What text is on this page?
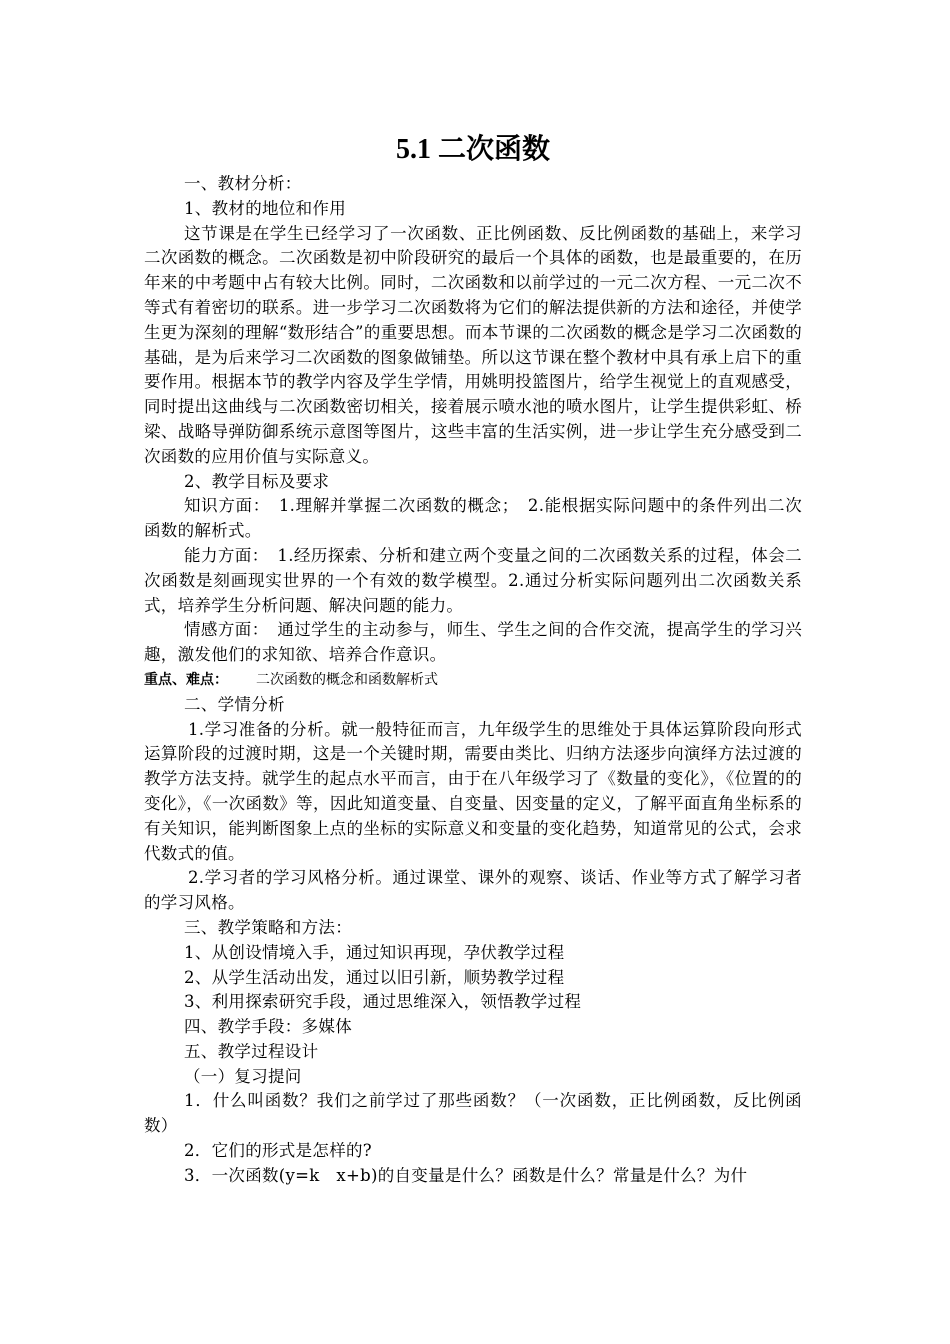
5.1 二次函数

一、教材分析：

1、教材的地位和作用

这节课是在学生已经学习了一次函数、正比例函数、反比例函数的基础上，来学习二次函数的概念。二次函数是初中阶段研究的最后一个具体的函数，也是最重要的，在历年来的中考题中占有较大比例。同时，二次函数和以前学过的一元二次方程、一元二次不等式有着密切的联系。进一步学习二次函数将为它们的解法提供新的方法和途径，并使学生更为深刻的理解“数形结合”的重要思想。而本节课的二次函数的概念是学习二次函数的基础，是为后来学习二次函数的图象做铺垫。所以这节课在整个教材中具有承上启下的重要作用。根据本节的教学内容及学生学情，用姚明投篮图片，给学生视觉上的直观感受，同时提出这曲线与二次函数密切相关，接着展示喷水池的喷水图片，让学生提供彩虹、桥梁、战略导弹防御系统示意图等图片，这些丰富的生活实例，进一步让学生充分感受到二次函数的应用价值与实际意义。

2、教学目标及要求

知识方面：　1.理解并掌握二次函数的概念；　2.能根据实际问题中的条件列出二次函数的解析式。

能力方面：　1.经历探索、分析和建立两个变量之间的二次函数关系的过程，体会二次函数是刻画现实世界的一个有效的数学模型。2.通过分析实际问题列出二次函数关系式，培养学生分析问题、解决问题的能力。

情感方面：　通过学生的主动参与，师生、学生之间的合作交流，提高学生的学习兴趣，激发他们的求知欲、培养合作意识。

重点、难点： 二次函数的概念和函数解析式

二、学情分析

1.学习准备的分析。就一般特征而言，九年级学生的思维处于具体运算阶段向形式运算阶段的过渡时期，这是一个关键时期，需要由类比、归纳方法逐步向演绎方法过渡的教学方法支持。就学生的起点水平而言，由于在八年级学习了《数量的变化》，《位置的的变化》，《一次函数》等，因此知道变量、自变量、因变量的定义，了解平面直角坐标系的有关知识，能判断图象上点的坐标的实际意义和变量的变化趋势，知道常见的公式，会求代数式的值。

2.学习者的学习风格分析。通过课堂、课外的观察、谈话、作业等方式了解学习者的学习风格。

三、教学策略和方法：

1、从创设情境入手，通过知识再现，孕伏教学过程

2、从学生活动出发，通过以旧引新，顺势教学过程

3、利用探索研究手段，通过思维深入，领悟教学过程

四、教学手段：多媒体

五、教学过程设计

（一）复习提问

1．什么叫函数？我们之前学过了那些函数？（一次函数，正比例函数，反比例函数）

2．它们的形式是怎样的?

3．一次函数(y=k　x+b)的自变量是什么？函数是什么？常量是什么？为什
